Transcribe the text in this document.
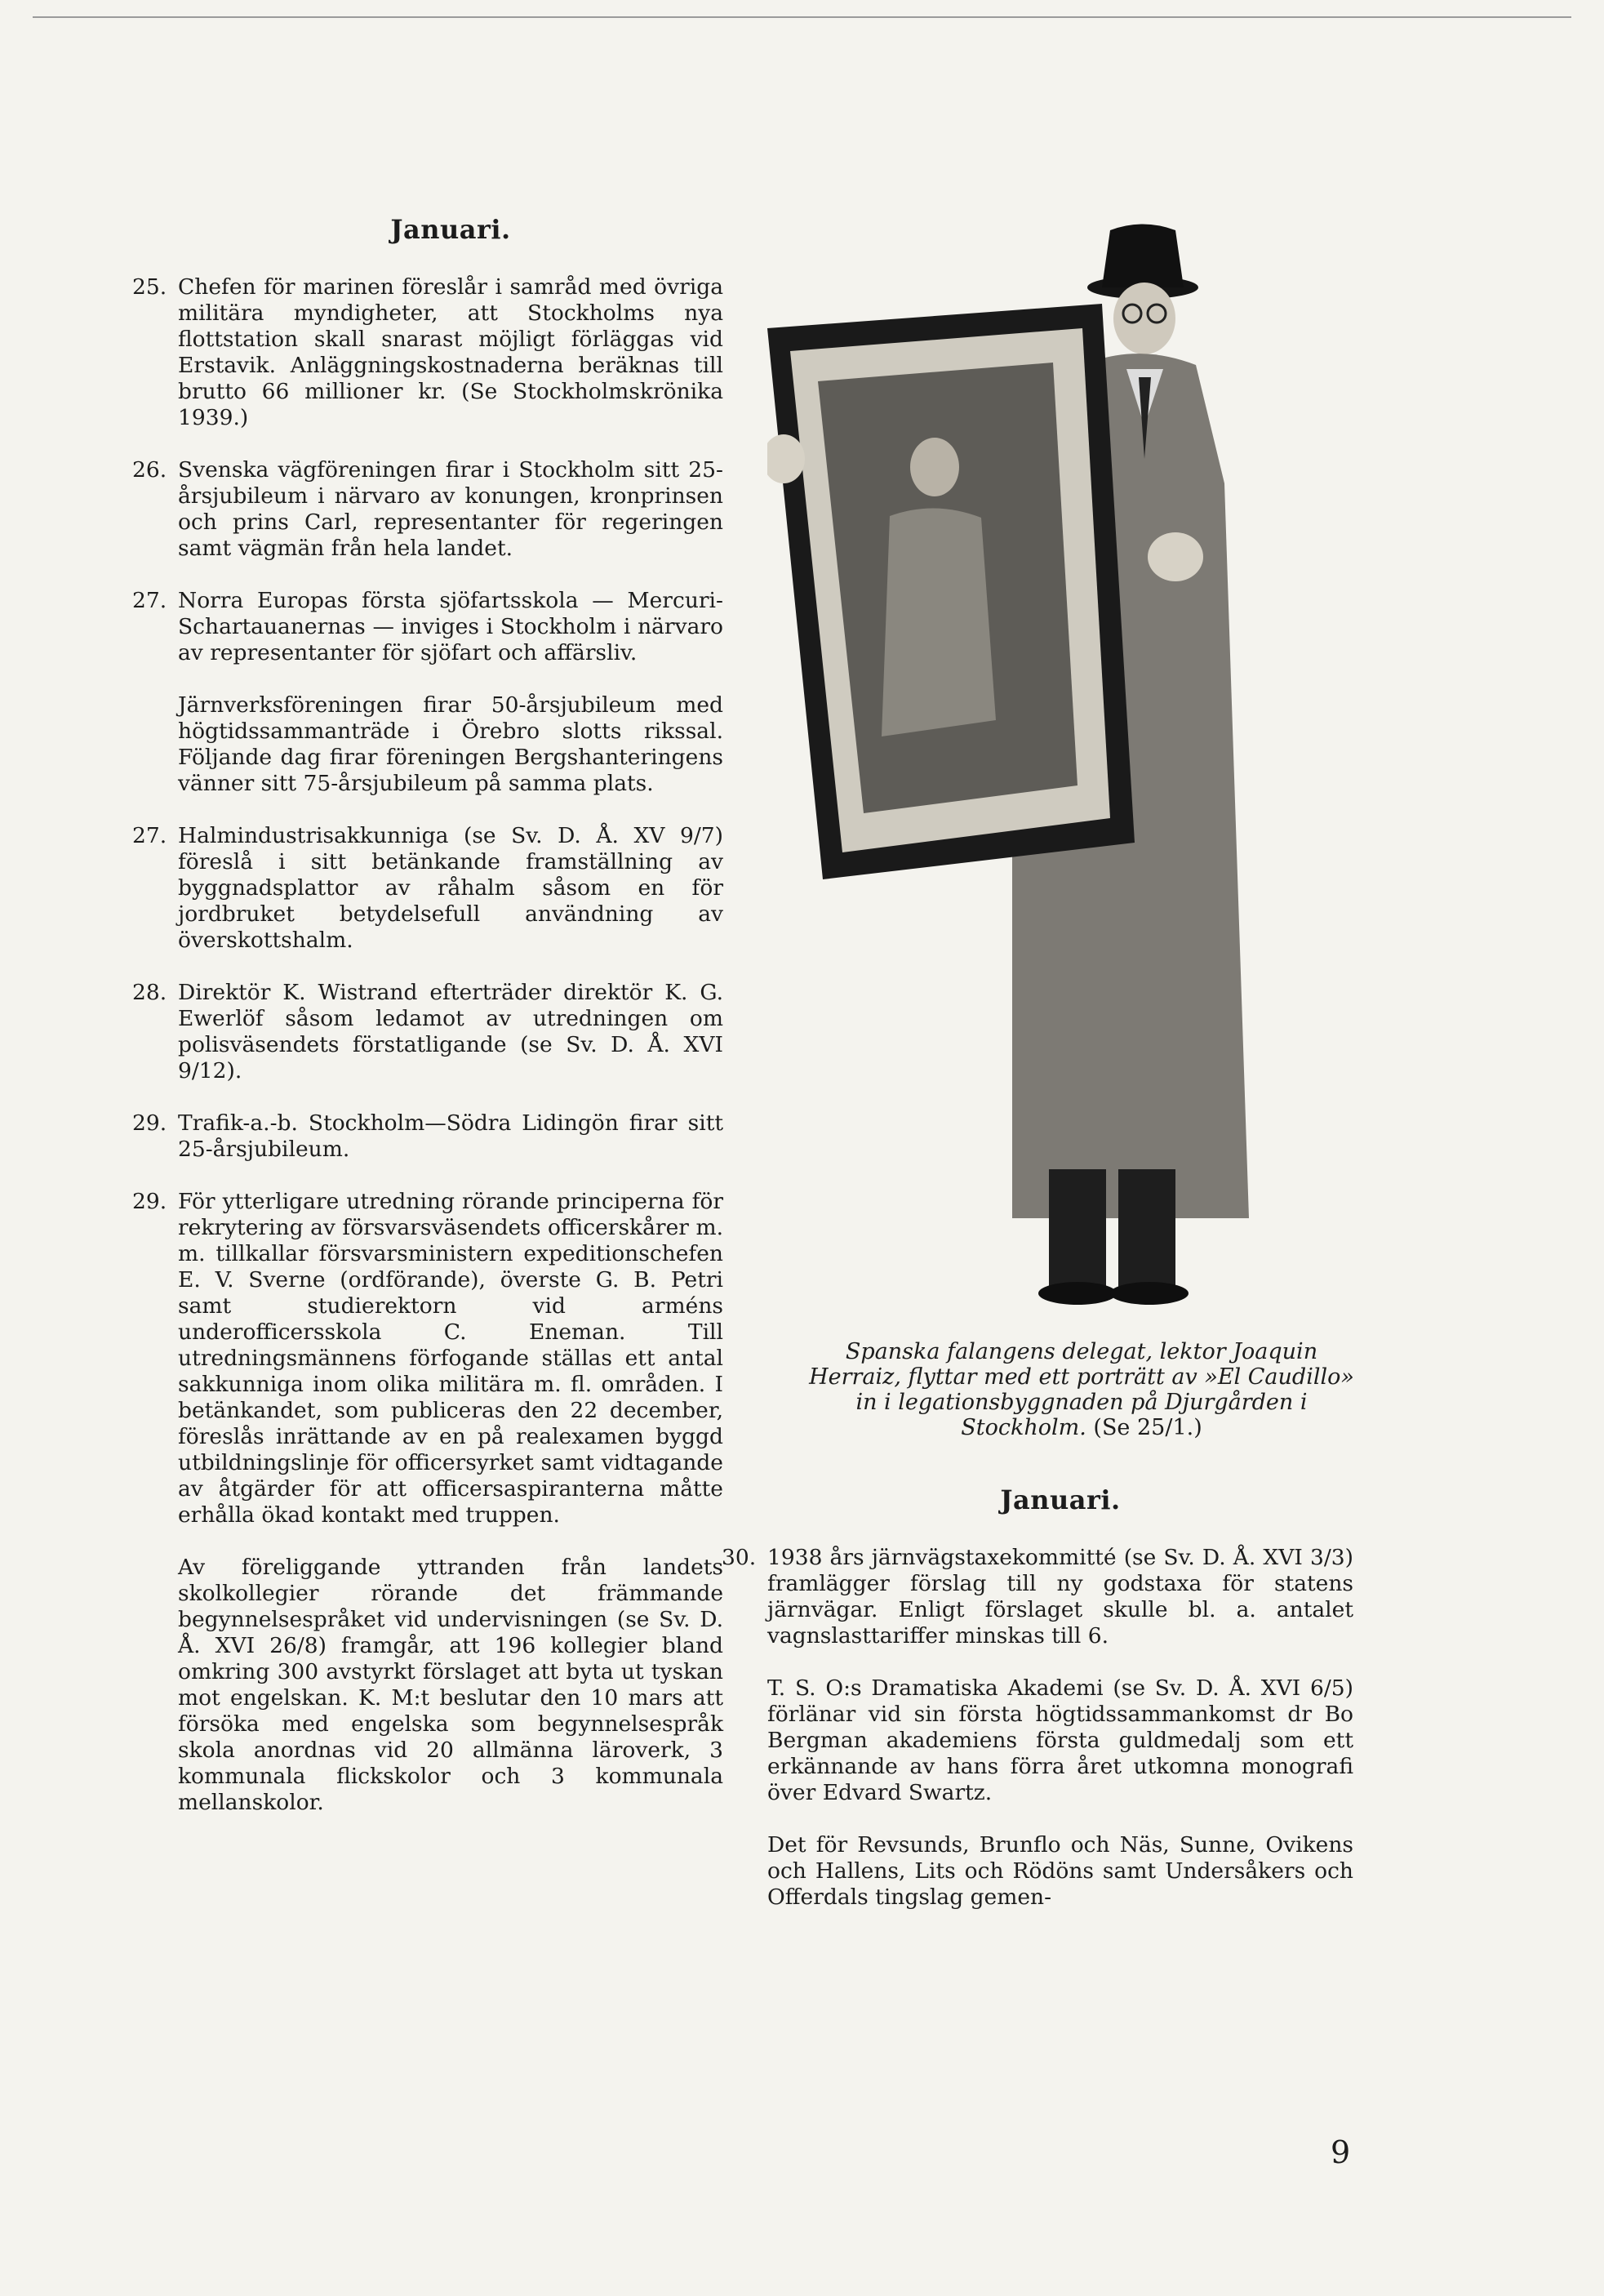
Januari.
25. Chefen för marinen föreslår i samråd med övriga militära myndigheter, att Stockholms nya flottstation skall snarast möjligt förläggas vid Erstavik. Anläggningskostnaderna beräknas till brutto 66 millioner kr. (Se Stockholmskrönika 1939.)
26. Svenska vägföreningen firar i Stockholm sitt 25-årsjubileum i närvaro av konungen, kronprinsen och prins Carl, representanter för regeringen samt vägmän från hela landet.
27. Norra Europas första sjöfartsskola — Mercuri-Schartauanernas — inviges i Stockholm i närvaro av representanter för sjöfart och affärsliv.
Järnverksföreningen firar 50-årsjubileum med högtidssammanträde i Örebro slotts rikssal. Följande dag firar föreningen Bergshanteringens vänner sitt 75-årsjubileum på samma plats.
27. Halmindustrisakkunniga (se Sv. D. Å. XV 9/7) föreslå i sitt betänkande framställning av byggnadsplattor av råhalm såsom en för jordbruket betydelsefull användning av överskottshalm.
28. Direktör K. Wistrand efterträder direktör K. G. Ewerlöf såsom ledamot av utredningen om polisväsendets förstatligande (se Sv. D. Å. XVI 9/12).
29. Trafik-a.-b. Stockholm—Södra Lidingön firar sitt 25-årsjubileum.
29. För ytterligare utredning rörande principerna för rekrytering av försvarsväsendets officerskårer m. m. tillkallar försvarsministern expeditionschefen E. V. Sverne (ordförande), överste G. B. Petri samt studierektorn vid arméns underofficersskola C. Eneman. Till utredningsmännens förfogande ställas ett antal sakkunniga inom olika militära m. fl. områden. I betänkandet, som publiceras den 22 december, föreslås inrättande av en på realexamen byggd utbildningslinje för officersyrket samt vidtagande av åtgärder för att officersaspiranterna måtte erhålla ökad kontakt med truppen.
Av föreliggande yttranden från landets skolkollegier rörande det främmande begynnelsespråket vid undervisningen (se Sv. D. Å. XVI 26/8) framgår, att 196 kollegier bland omkring 300 avstyrkt förslaget att byta ut tyskan mot engelskan. K. M:t beslutar den 10 mars att försöka med engelska som begynnelsespråk skola anordnas vid 20 allmänna läroverk, 3 kommunala flickskolor och 3 kommunala mellanskolor.
Spanska falangens delegat, lektor Joaquin Herraiz, flyttar med ett porträtt av »El Caudillo» in i legationsbyggnaden på Djurgården i Stockholm. (Se 25/1.)
Januari.
30. 1938 års järnvägstaxekommitté (se Sv. D. Å. XVI 3/3) framlägger förslag till ny godstaxa för statens järnvägar. Enligt förslaget skulle bl. a. antalet vagnslasttariffer minskas till 6.
T. S. O:s Dramatiska Akademi (se Sv. D. Å. XVI 6/5) förlänar vid sin första högtidssammankomst dr Bo Bergman akademiens första guldmedalj som ett erkännande av hans förra året utkomna monografi över Edvard Swartz.
Det för Revsunds, Brunflo och Näs, Sunne, Ovikens och Hallens, Lits och Rödöns samt Undersåkers och Offerdals tingslag gemen-
9
